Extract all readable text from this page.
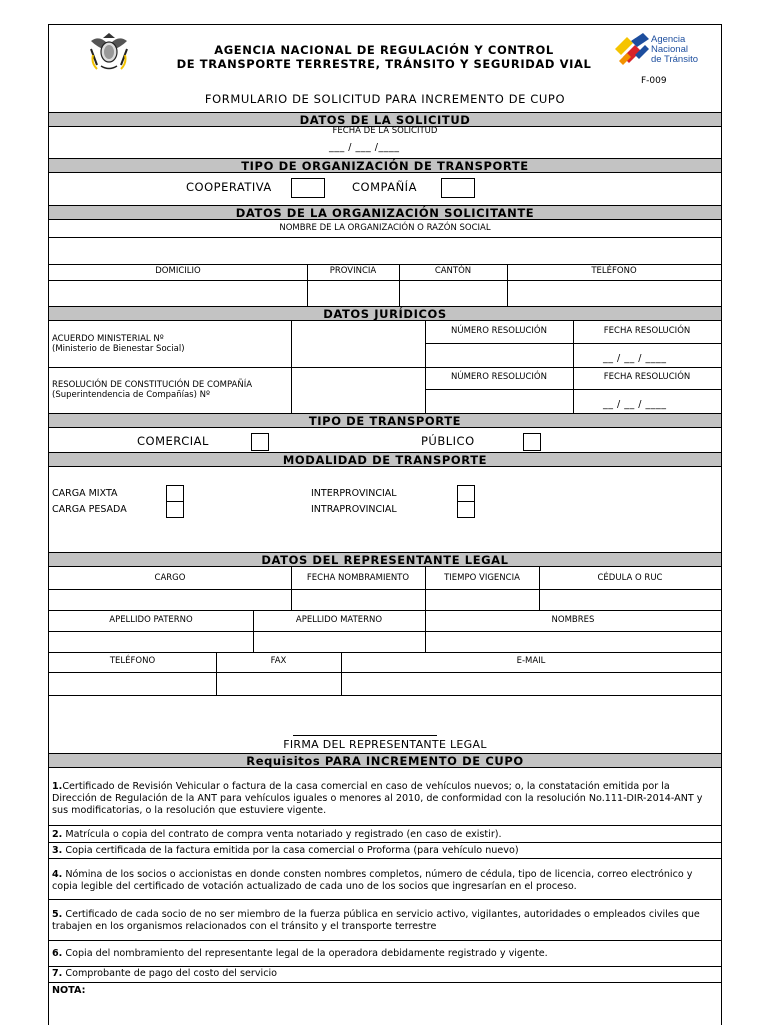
AGENCIA NACIONAL DE REGULACIÓN Y CONTROL
DE TRANSPORTE TERRESTRE, TRÁNSITO Y SEGURIDAD VIAL
Agencia
Nacional
de Tránsito
F-009
FORMULARIO DE SOLICITUD PARA INCREMENTO DE CUPO
DATOS DE LA SOLICITUD
FECHA DE LA SOLICITUD
___ / ___ /____
TIPO DE ORGANIZACIÓN DE TRANSPORTE
COOPERATIVA	COMPAÑÍA
DATOS DE LA ORGANIZACIÓN SOLICITANTE
NOMBRE DE LA ORGANIZACIÓN O RAZÓN SOCIAL
DOMICILIO	PROVINCIA	CANTÓN	TELÉFONO
DATOS JURÍDICOS
ACUERDO MINISTERIAL Nº
(Ministerio de Bienestar Social)
NÚMERO RESOLUCIÓN	FECHA RESOLUCIÓN
__ / __ / ____
RESOLUCIÓN DE CONSTITUCIÓN DE COMPAÑÍA
(Superintendencia de Compañías) Nº
NÚMERO RESOLUCIÓN	FECHA RESOLUCIÓN
__ / __ / ____
TIPO DE TRANSPORTE
COMERCIAL	PÚBLICO
MODALIDAD DE TRANSPORTE
CARGA MIXTA
CARGA PESADA
INTERPROVINCIAL
INTRAPROVINCIAL
DATOS DEL REPRESENTANTE LEGAL
CARGO	FECHA NOMBRAMIENTO	TIEMPO VIGENCIA	CÉDULA O RUC
APELLIDO PATERNO	APELLIDO MATERNO	NOMBRES
TELÉFONO	FAX	E-MAIL
FIRMA DEL REPRESENTANTE LEGAL
Requisitos PARA INCREMENTO DE CUPO
1.Certificado de Revisión Vehicular o factura de la casa comercial en caso de vehículos nuevos; o, la constatación emitida por la Dirección de Regulación de la ANT para vehículos iguales o menores al 2010, de conformidad con la resolución No.111-DIR-2014-ANT y sus modificatorias, o la resolución que estuviere vigente.
2. Matrícula o copia del contrato de compra venta notariado y registrado (en caso de existir).
3. Copia certificada de la factura emitida por la casa comercial o Proforma (para vehículo nuevo)
4. Nómina de los socios o accionistas en donde consten nombres completos, número de cédula, tipo de licencia, correo electrónico y copia legible del certificado de votación actualizado de cada uno de los socios que ingresarían en el proceso.
5. Certificado de cada socio de no ser miembro de la fuerza pública en servicio activo, vigilantes, autoridades o empleados civiles que trabajen en los organismos relacionados con el tránsito y el transporte terrestre
6. Copia del nombramiento del representante legal de la operadora debidamente registrado y vigente.
7. Comprobante de pago del costo del servicio
NOTA:
